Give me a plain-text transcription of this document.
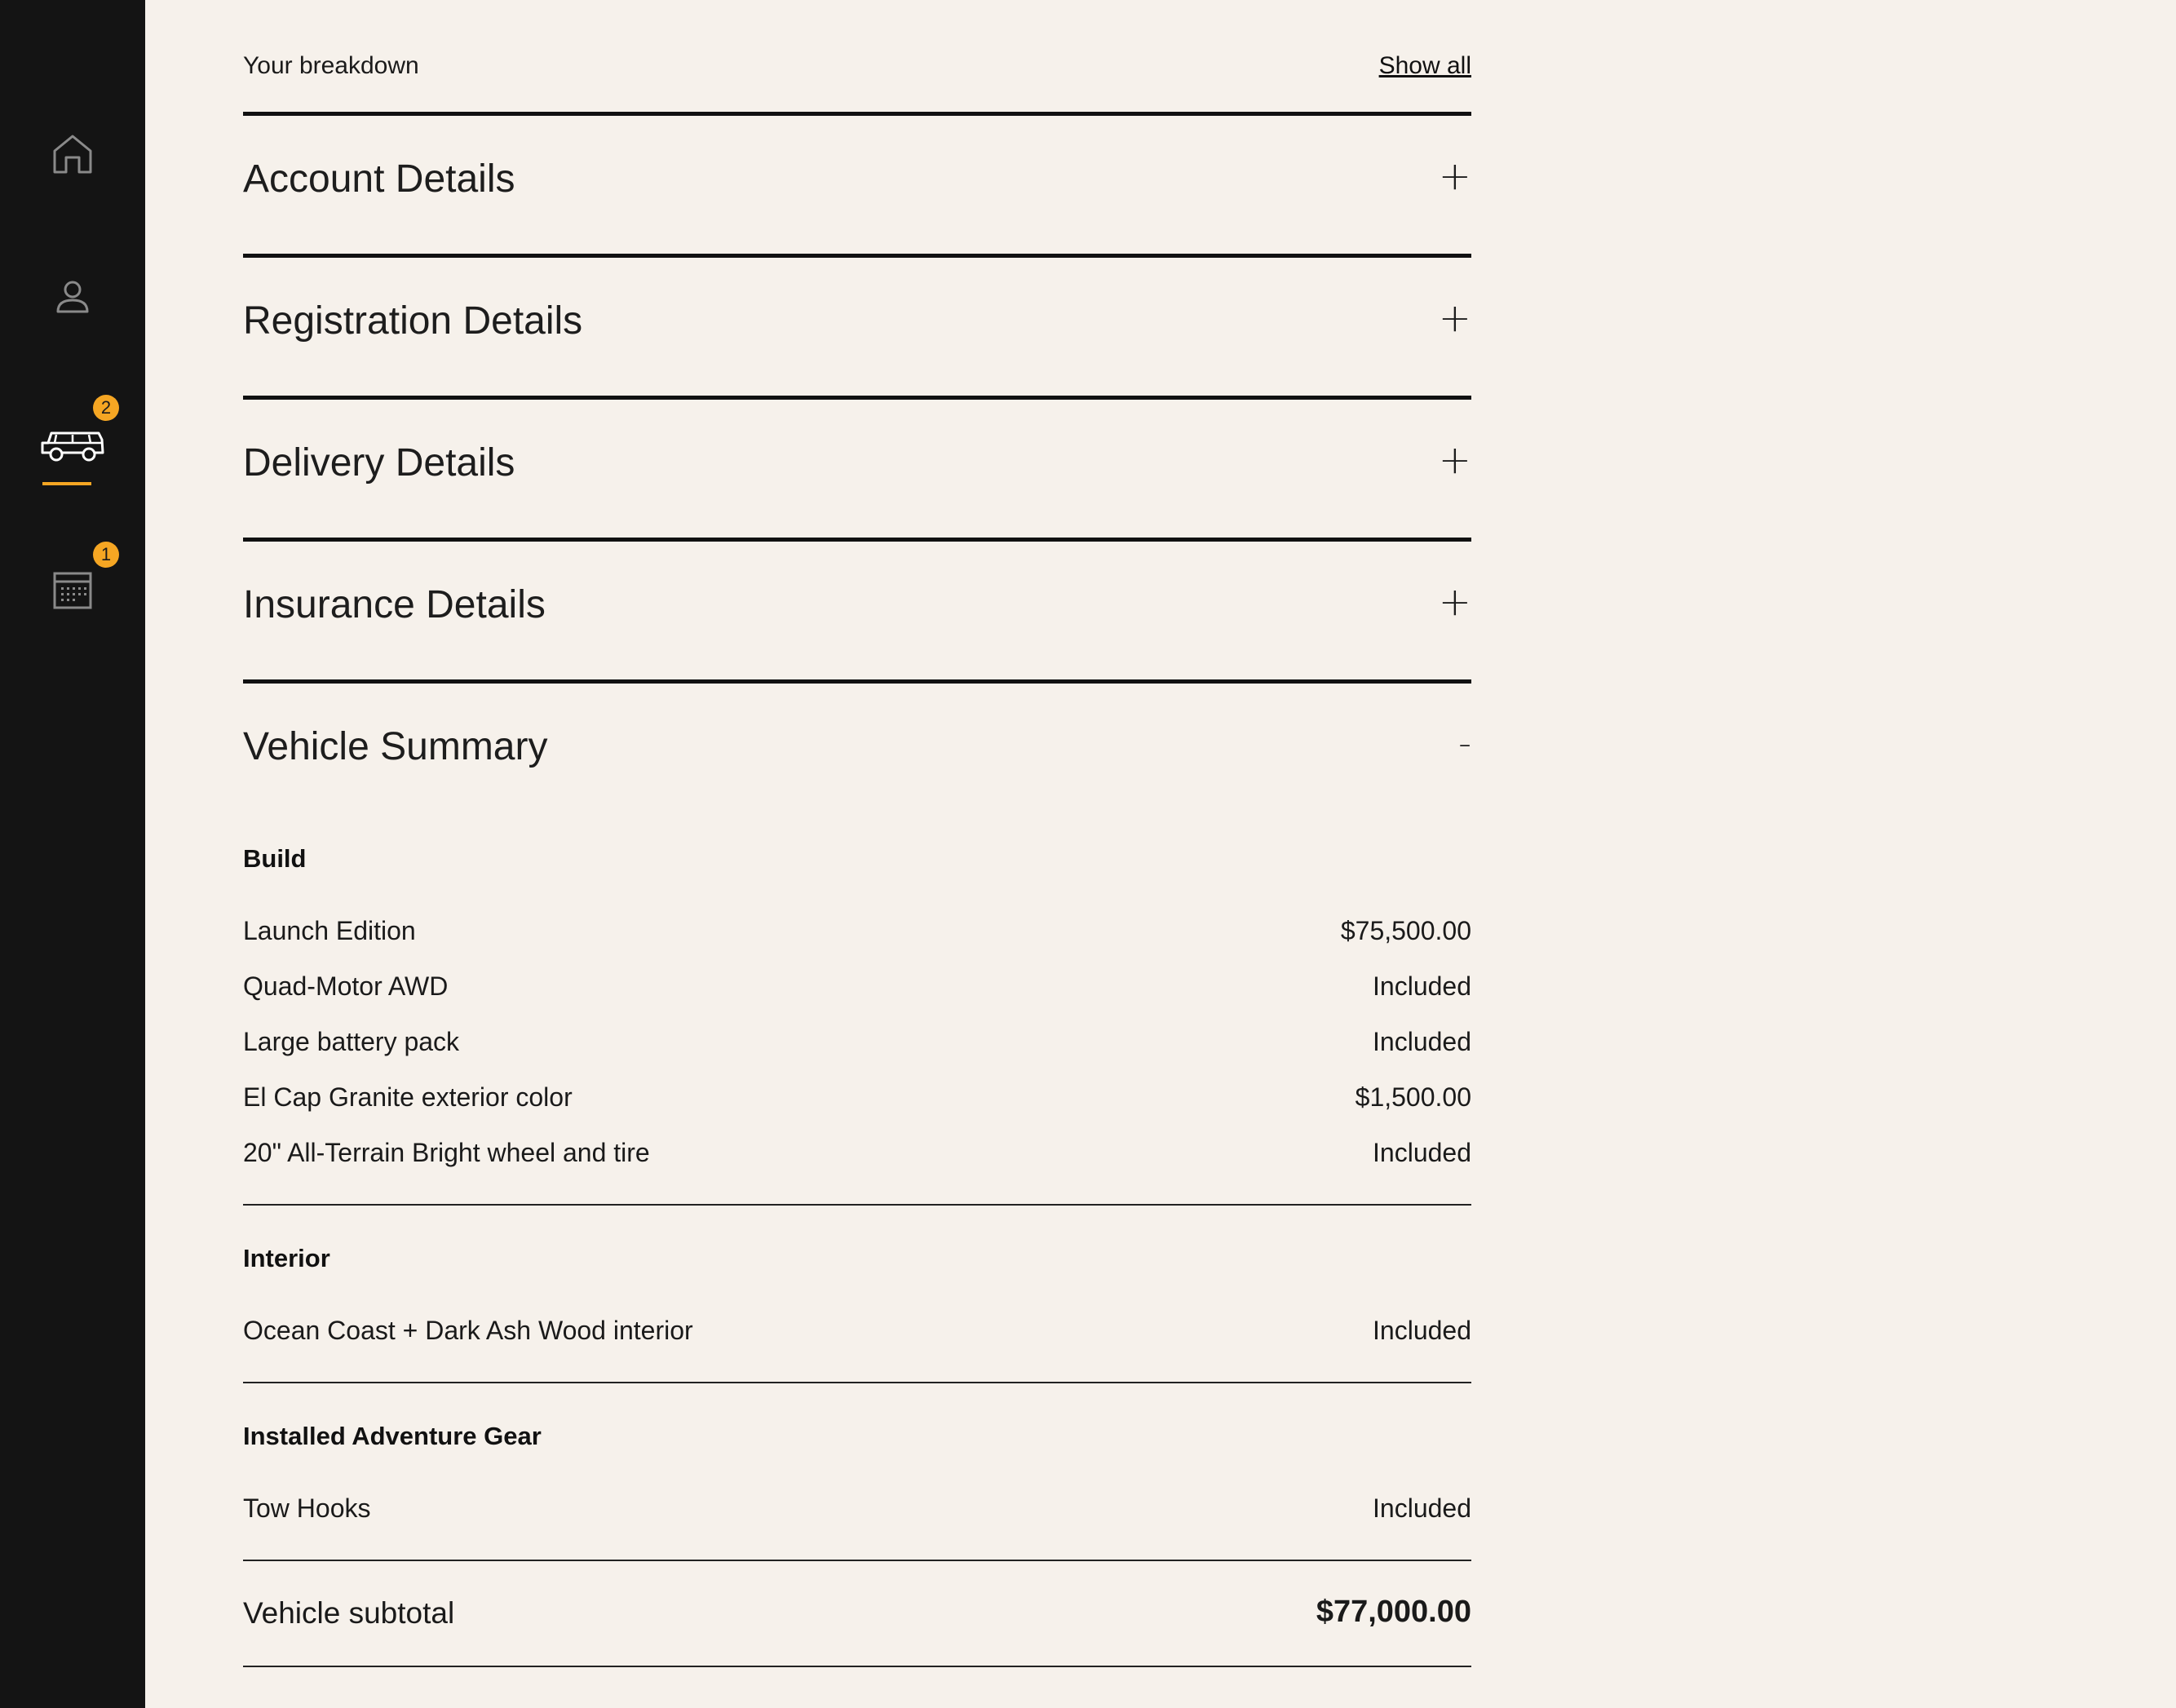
2
1
Your breakdown	Show all
Account Details	+
Registration Details	+
Delivery Details	+
Insurance Details	+
Vehicle Summary	-
Build
Launch Edition	$75,500.00
Quad-Motor AWD	Included
Large battery pack	Included
El Cap Granite exterior color	$1,500.00
20" All-Terrain Bright wheel and tire	Included
Interior
Ocean Coast + Dark Ash Wood interior	Included
Installed Adventure Gear
Tow Hooks	Included
Vehicle subtotal	$77,000.00
